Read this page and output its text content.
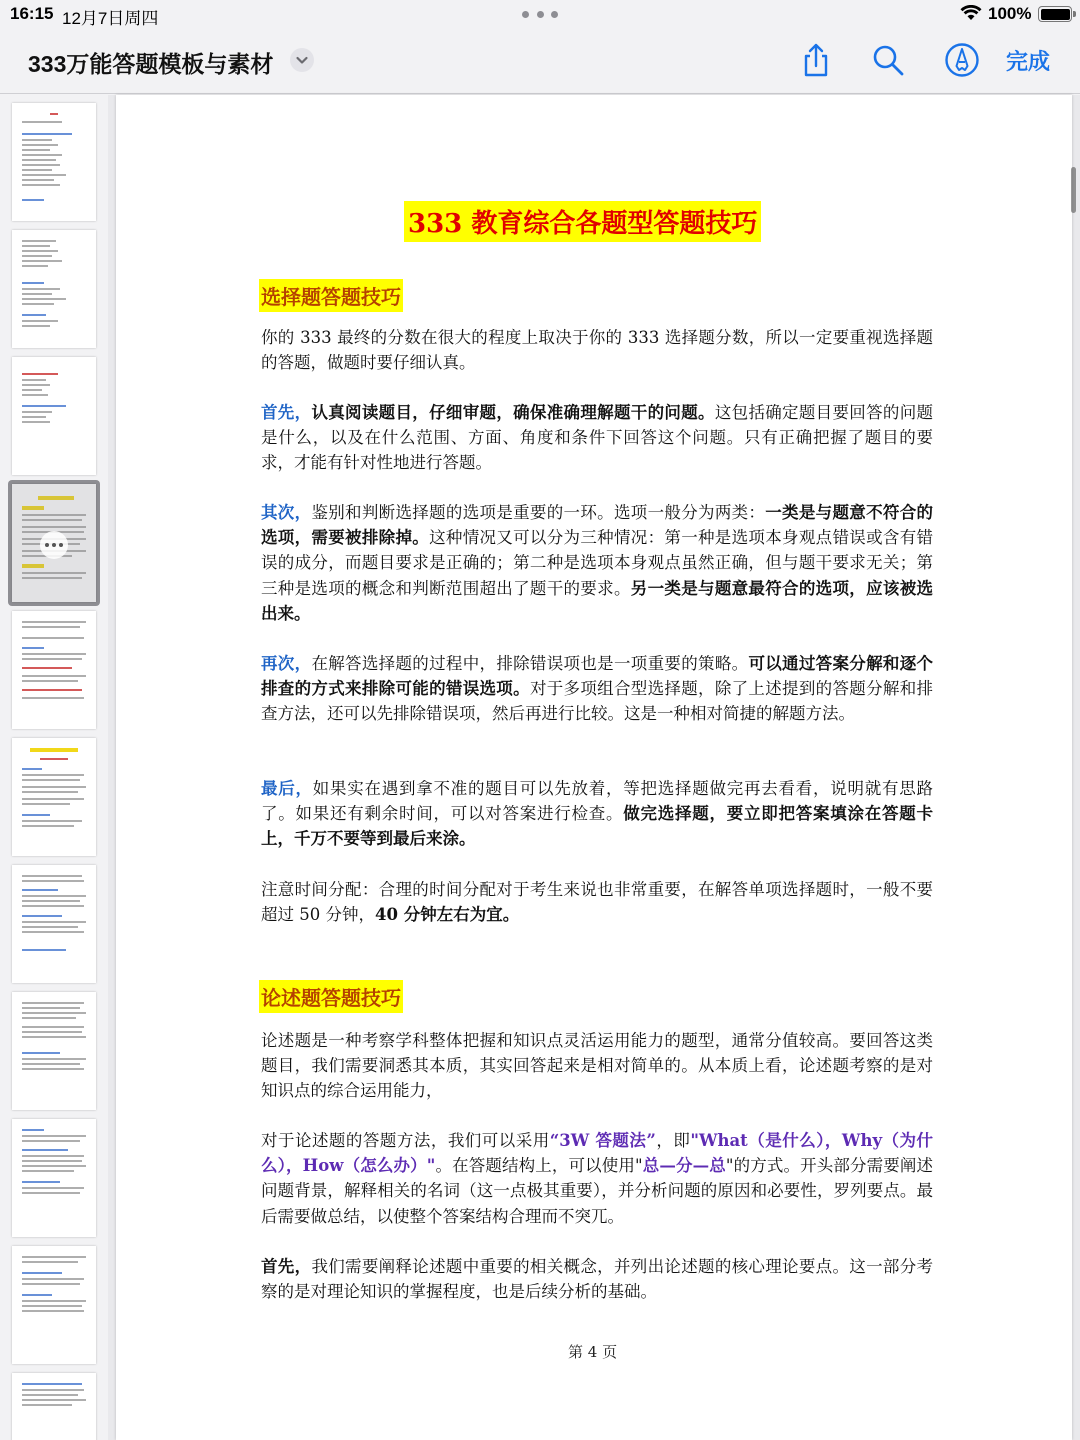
16:15 12月7日周四	100%
333万能答题模板与素材	完成
333 教育综合各题型答题技巧
选择题答题技巧

你的 333 最终的分数在很大的程度上取决于你的 333 选择题分数，所以一定要重视选择题的答题，做题时要仔细认真。

首先，认真阅读题目，仔细审题，确保准确理解题干的问题。这包括确定题目要回答的问题是什么，以及在什么范围、方面、角度和条件下回答这个问题。只有正确把握了题目的要求，才能有针对性地进行答题。

其次，鉴别和判断选择题的选项是重要的一环。选项一般分为两类：一类是与题意不符合的选项，需要被排除掉。这种情况又可以分为三种情况：第一种是选项本身观点错误或含有错误的成分，而题目要求是正确的；第二种是选项本身观点虽然正确，但与题干要求无关；第三种是选项的概念和判断范围超出了题干的要求。另一类是与题意最符合的选项，应该被选出来。

再次，在解答选择题的过程中，排除错误项也是一项重要的策略。可以通过答案分解和逐个排查的方式来排除可能的错误选项。对于多项组合型选择题，除了上述提到的答题分解和排查方法，还可以先排除错误项，然后再进行比较。这是一种相对简捷的解题方法。

最后，如果实在遇到拿不准的题目可以先放着，等把选择题做完再去看看，说明就有思路了。如果还有剩余时间，可以对答案进行检查。做完选择题，要立即把答案填涂在答题卡上，千万不要等到最后来涂。

注意时间分配：合理的时间分配对于考生来说也非常重要，在解答单项选择题时，一般不要超过 50 分钟，40 分钟左右为宜。

论述题答题技巧

论述题是一种考察学科整体把握和知识点灵活运用能力的题型，通常分值较高。要回答这类题目，我们需要洞悉其本质，其实回答起来是相对简单的。从本质上看，论述题考察的是对知识点的综合运用能力，

对于论述题的答题方法，我们可以采用“3W 答题法”，即"What（是什么），Why（为什么），How（怎么办）"。在答题结构上，可以使用"总—分—总"的方式。开头部分需要阐述问题背景，解释相关的名词（这一点极其重要），并分析问题的原因和必要性，罗列要点。最后需要做总结，以使整个答案结构合理而不突兀。

首先，我们需要阐释论述题中重要的相关概念，并列出论述题的核心理论要点。这一部分考察的是对理论知识的掌握程度，也是后续分析的基础。

第 4 页
